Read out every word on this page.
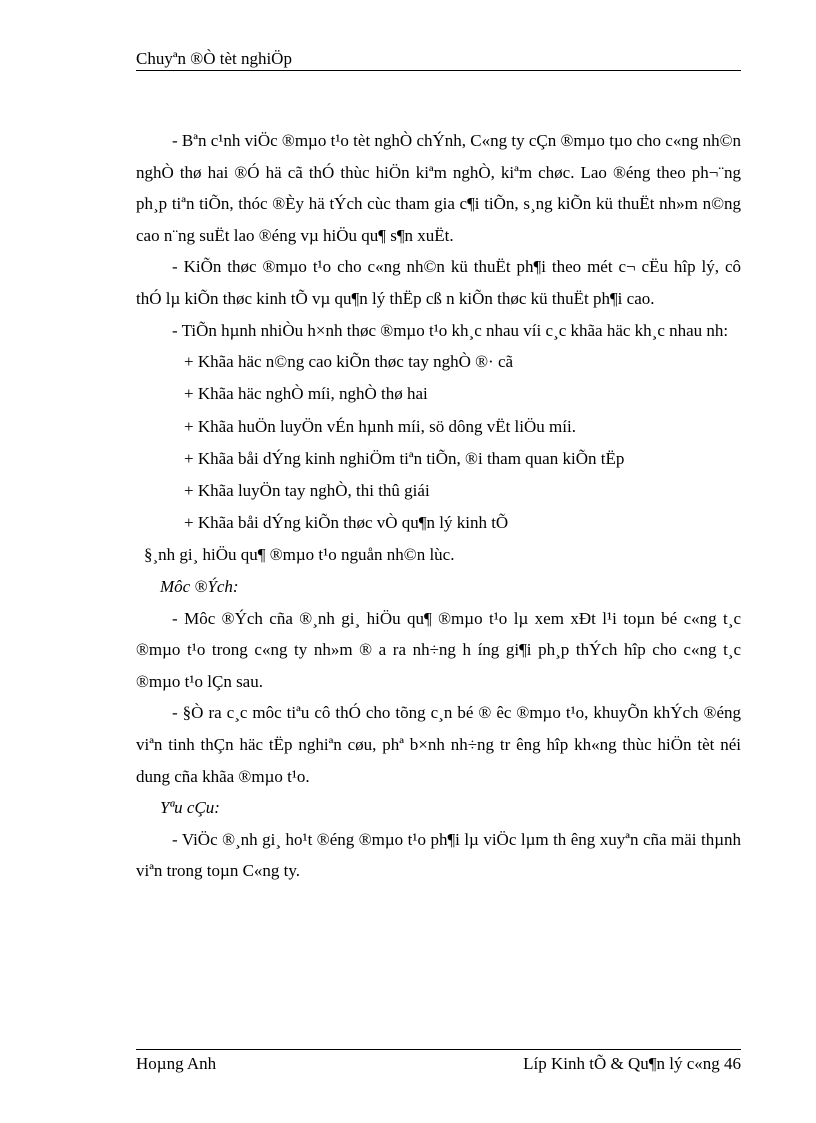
Chuyªn ®Ò tèt nghiÖp

- Bªn c¹nh viÖc ®mµo t¹o tèt nghÒ chÝnh, C«ng ty cÇn ®mµo tµo cho c«ng nh©n nghÒ thø hai ®Ó hä cã thÓ thùc hiÖn kiªm nghÒ, kiªm chøc. Lao ®éng theo ph¬¨ng ph¸p tiªn tiÕn, thóc ®Èy hä tÝch cùc tham gia c¶i tiÕn, s¸ng kiÕn kü thuËt nh»m n©ng cao n¨ng suËt lao ®éng vµ hiÖu qu¶ s¶n xuËt.

- KiÕn thøc ®mµo t¹o cho c«ng nh©n kü thuËt ph¶i theo mét c¬ cËu hîp lý, cô thÓ lµ kiÕn thøc kinh tÕ vµ qu¶n lý thËp cß n kiÕn thøc kü thuËt ph¶i cao.

- TiÕn hµnh nhiÒu h×nh thøc ®mµo t¹o kh¸c nhau víi c¸c khãa häc kh¸c nhau nh:

+ Khãa häc n©ng cao kiÕn thøc tay nghÒ ®· cã

+ Khãa häc nghÒ míi, nghÒ thø hai

+ Khãa huÖn luyÖn vÉn hµnh míi, sö dông vËt liÖu míi.

+ Khãa båi dÝng kinh nghiÖm tiªn tiÕn, ®i tham quan kiÕn tËp

+ Khãa luyÖn tay nghÒ, thi thû giái

+ Khãa båi dÝng kiÕn thøc vÒ qu¶n lý kinh tÕ

§¸nh gi¸ hiÖu qu¶ ®mµo t¹o nguån nh©n lùc.

Môc ®Ých:

- Môc ®Ých cña ®¸nh gi¸ hiÖu qu¶ ®mµo t¹o lµ xem xÐt l¹i toµn bé c«ng t¸c ®mµo t¹o trong c«ng ty nh»m ® a ra nh÷ng h íng gi¶i ph¸p thÝch hîp cho c«ng t¸c ®mµo t¹o lÇn sau.

- §Ò ra c¸c môc tiªu cô thÓ cho tõng c¸n bé ® êc ®mµo t¹o, khuyÕn khÝch ®éng viªn tinh thÇn häc tËp nghiªn cøu, phª b×nh nh÷ng tr êng hîp kh«ng thùc hiÖn tèt néi dung cña khãa ®mµo t¹o.

Yªu cÇu:

- ViÖc ®¸nh gi¸ ho¹t ®éng ®mµo t¹o ph¶i lµ viÖc lµm th êng xuyªn cña mäi thµnh viªn trong toµn C«ng ty.

Hoµng Anh	Líp Kinh tÕ & Qu¶n lý c«ng 46
